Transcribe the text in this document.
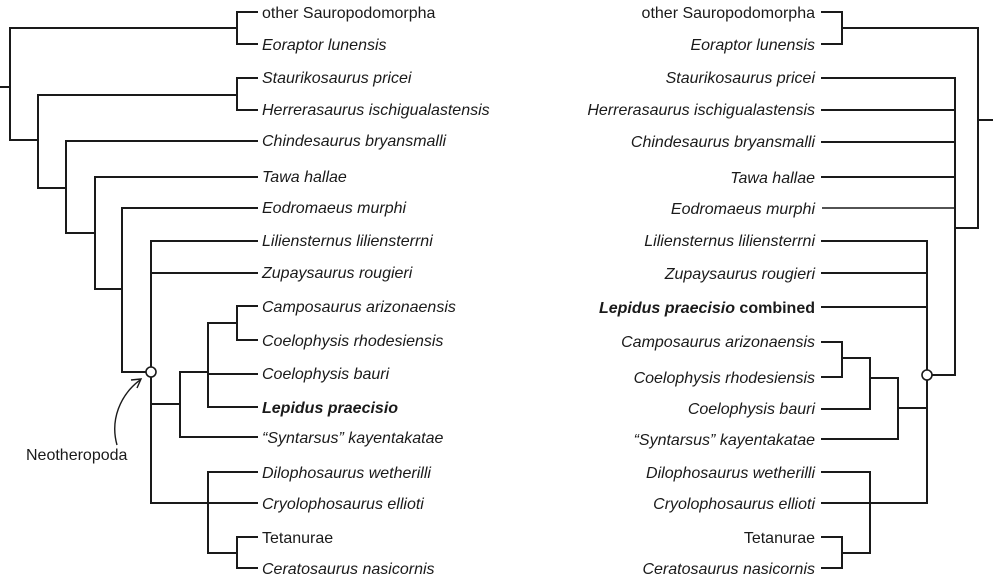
other Sauropodomorpha
Eoraptor lunensis
Staurikosaurus pricei
Herrerasaurus ischigualastensis
Chindesaurus bryansmalli
Tawa hallae
Eodromaeus murphi
Liliensternus liliensterrni
Zupaysaurus rougieri
Camposaurus arizonaensis
Coelophysis rhodesiensis
Coelophysis bauri
Lepidus praecisio
“Syntarsus” kayentakatae
Dilophosaurus wetherilli
Cryolophosaurus ellioti
Tetanurae
Ceratosaurus nasicornis
Neotheropoda
other Sauropodomorpha
Eoraptor lunensis
Staurikosaurus pricei
Herrerasaurus ischigualastensis
Chindesaurus bryansmalli
Tawa hallae
Eodromaeus murphi
Liliensternus liliensterrni
Zupaysaurus rougieri
Lepidus praecisio combined
Camposaurus arizonaensis
Coelophysis rhodesiensis
Coelophysis bauri
“Syntarsus” kayentakatae
Dilophosaurus wetherilli
Cryolophosaurus ellioti
Tetanurae
Ceratosaurus nasicornis
